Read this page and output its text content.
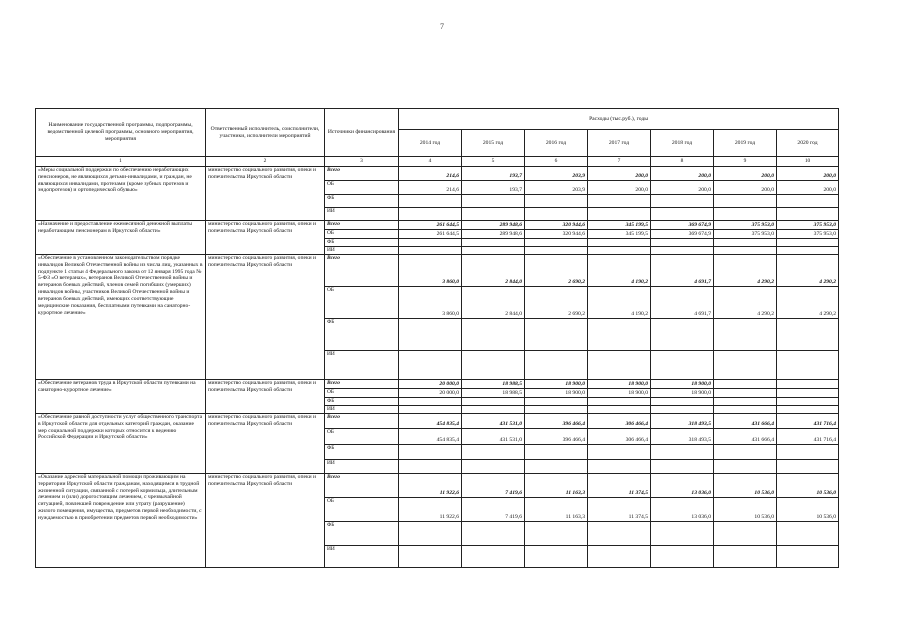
7
Наименование государственной программы, подпрограммы, ведомственной целевой программы, основного мероприятия, мероприятия	Ответственный исполнитель, соисполнители, участники, исполнители мероприятий	Источники финансирования	Расходы (тыс.руб.), годы						
			2014 год	2015 год	2016 год	2017 год	2018 год	2019 год	2020 год
1	2	3	4	5	6	7	8	9	10
«Меры социальной поддержки по обеспечению неработающих пенсионеров, не являющихся детьми-инвалидами, и граждан, не являющихся инвалидами, протезами (кроме зубных протезов и эндопротезов) и ортопедической обувью»	министерство социального развития, опеки и попечительства Иркутской области	Всего	214,6	193,7	203,9	200,0	200,0	200,0	200,0
		ОБ	214,6	193,7	203,9	200,0	200,0	200,0	200,0
		ФБ							
		ИИ							
«Назначение и предоставление ежемесячной денежной выплаты неработающим пенсионерам в Иркутской области»	министерство социального развития, опеки и попечительства Иркутской области	Всего	261 644,5	289 948,6	320 944,6	345 199,5	369 674,9	375 953,0	375 953,0
		ОБ	261 644,5	289 948,6	320 944,6	345 199,5	369 674,9	375 953,0	375 953,0
		ФБ							
		ИИ							
«Обеспечение в установленном законодательством порядке инвалидов Великой Отечественной войны из числа лиц, указанных в подпункте 1 статьи 4 Федерального закона от 12 января 1995 года № 5-ФЗ «О ветеранах», ветеранов Великой Отечественной войны и ветеранов боевых действий, членов семей погибших (умерших) инвалидов войны, участников Великой Отечественной войны и ветеранов боевых действий, имеющих соответствующие медицинские показания, бесплатными путевками на санаторно-курортное лечение»	министерство социального развития, опеки и попечительства Иркутской области	Всего	3 860,0	2 844,0	2 690,2	4 190,2	4 691,7	4 290,2	4 290,2
		ОБ	3 860,0	2 844,0	2 690,2	4 190,2	4 691,7	4 290,2	4 290,2
		ФБ							
		ИИ							
«Обеспечение ветеранов труда в Иркутской области путевками на санаторно-курортное лечение»	министерство социального развития, опеки и попечительства Иркутской области	Всего	20 000,0	18 988,5	18 900,0	18 900,0	18 900,0		
		ОБ	20 000,0	18 988,5	18 900,0	18 900,0	18 900,0		
		ФБ							
		ИИ							
«Обеспечение равной доступности услуг общественного транспорта в Иркутской области для отдельных категорий граждан, оказание мер социальной поддержки которых относится к ведению Российской Федерации и Иркутской области»	министерство социального развития, опеки и попечительства Иркутской области	Всего	454 835,4	431 531,0	396 466,4	306 466,4	318 493,5	431 666,4	431 716,4
		ОБ	454 835,4	431 531,0	396 466,4	306 466,4	318 493,5	431 666,4	431 716,4
		ФБ							
		ИИ							
«Оказание адресной материальной помощи проживающим на территории Иркутской области гражданам, находящимся в трудной жизненной ситуации, связанной с потерей кормильца, длительным лечением и (или) дорогостоящим лечением, с чрезвычайной ситуацией, повлекшей повреждение или утрату (разрушение) жилого помещения, имущества, предметов первой необходимости, с нуждаемостью в приобретении предметов первой необходимости»	министерство социального развития, опеки и попечительства Иркутской области	Всего	11 922,6	7 419,6	11 163,3	11 374,5	13 036,0	10 536,0	10 536,0
		ОБ	11 922,6	7 419,6	11 163,3	11 374,5	13 036,0	10 536,0	10 536,0
		ФБ							
		ИИ							
